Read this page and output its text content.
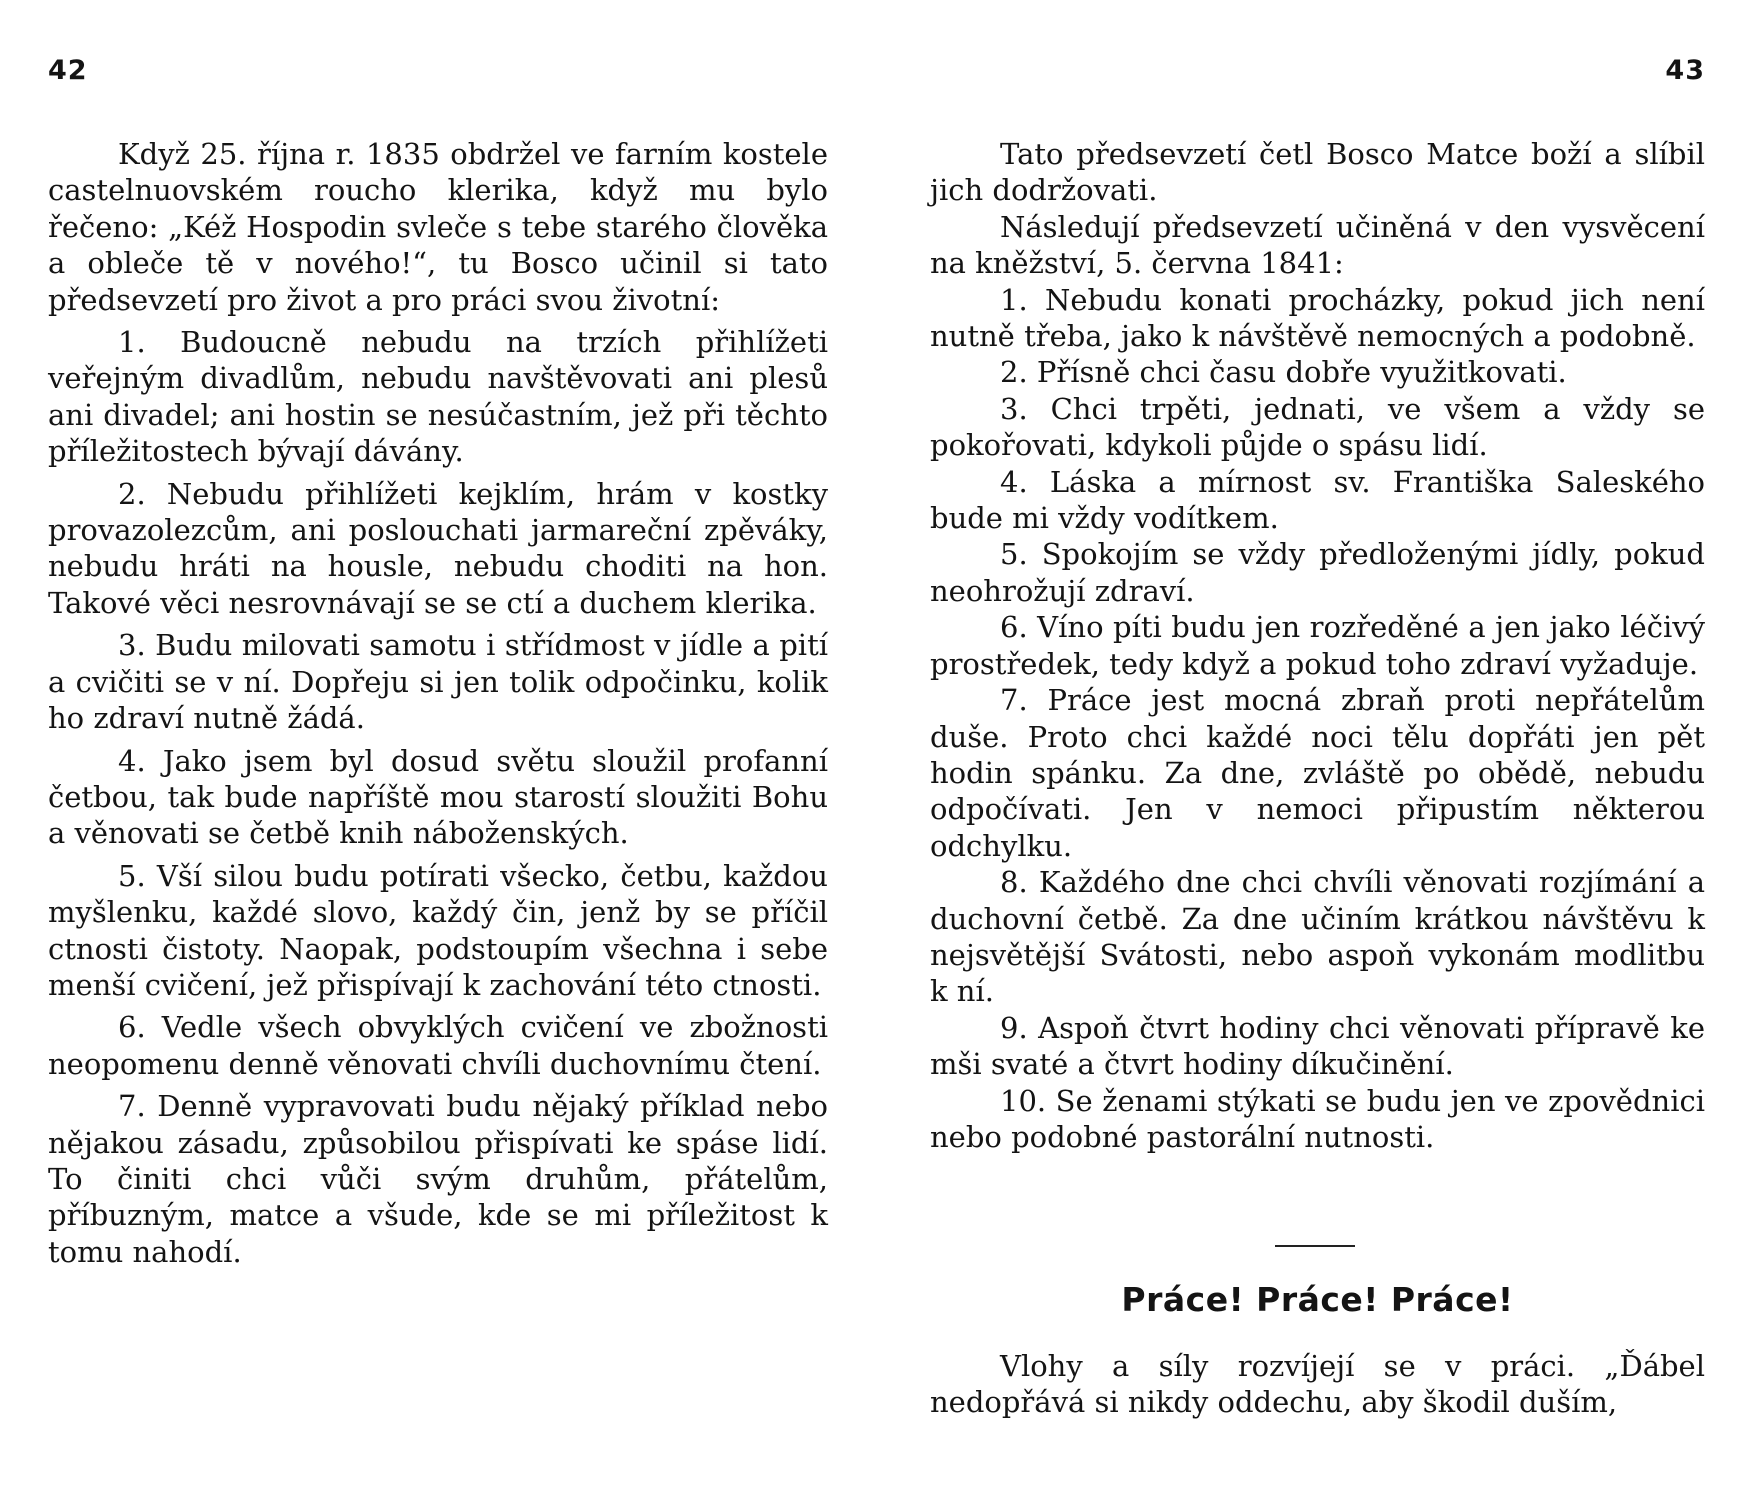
42

Když 25. října r. 1835 obdržel ve farním kostele castelnuovském roucho klerika, když mu bylo řečeno: „Kéž Hospodin svleče s tebe starého člověka a obleče tě v nového!“, tu Bosco učinil si tato předsevzetí pro život a pro práci svou životní:

1. Budoucně nebudu na trzích přihlížeti veřejným divadlům, nebudu navštěvovati ani plesů ani divadel; ani hostin se nesúčastním, jež při těchto příležitostech bývají dávány.

2. Nebudu přihlížeti kejklím, hrám v kostky provazolezcům, ani poslouchati jarmareční zpěváky, nebudu hráti na housle, nebudu choditi na hon. Takové věci nesrovnávají se se ctí a duchem klerika.

3. Budu milovati samotu i střídmost v jídle a pití a cvičiti se v ní. Dopřeju si jen tolik odpočinku, kolik ho zdraví nutně žádá.

4. Jako jsem byl dosud světu sloužil profanní četbou, tak bude napříště mou starostí sloužiti Bohu a věnovati se četbě knih náboženských.

5. Vší silou budu potírati všecko, četbu, každou myšlenku, každé slovo, každý čin, jenž by se příčil ctnosti čistoty. Naopak, podstoupím všechna i sebe menší cvičení, jež přispívají k zachování této ctnosti.

6. Vedle všech obvyklých cvičení ve zbožnosti neopomenu denně věnovati chvíli duchovnímu čtení.

7. Denně vypravovati budu nějaký příklad nebo nějakou zásadu, způsobilou přispívati ke spáse lidí. To činiti chci vůči svým druhům, přátelům, příbuzným, matce a všude, kde se mi příležitost k tomu nahodí.

43

Tato předsevzetí četl Bosco Matce boží a slíbil jich dodržovati.

Následují předsevzetí učiněná v den vysvěcení na kněžství, 5. června 1841:

1. Nebudu konati procházky, pokud jich není nutně třeba, jako k návštěvě nemocných a podobně.

2. Přísně chci času dobře využitkovati.

3. Chci trpěti, jednati, ve všem a vždy se pokořovati, kdykoli půjde o spásu lidí.

4. Láska a mírnost sv. Františka Saleského bude mi vždy vodítkem.

5. Spokojím se vždy předloženými jídly, pokud neohrožují zdraví.

6. Víno píti budu jen rozředěné a jen jako léčivý prostředek, tedy když a pokud toho zdraví vyžaduje.

7. Práce jest mocná zbraň proti nepřátelům duše. Proto chci každé noci tělu dopřáti jen pět hodin spánku. Za dne, zvláště po obědě, nebudu odpočívati. Jen v nemoci připustím některou odchylku.

8. Každého dne chci chvíli věnovati rozjímání a duchovní četbě. Za dne učiním krátkou návštěvu k nejsvětější Svátosti, nebo aspoň vykonám modlitbu k ní.

9. Aspoň čtvrt hodiny chci věnovati přípravě ke mši svaté a čtvrt hodiny díkučinění.

10. Se ženami stýkati se budu jen ve zpovědnici nebo podobné pastorální nutnosti.

Práce! Práce! Práce!

Vlohy a síly rozvíjejí se v práci. „Ďábel nedopřává si nikdy oddechu, aby škodil duším,
